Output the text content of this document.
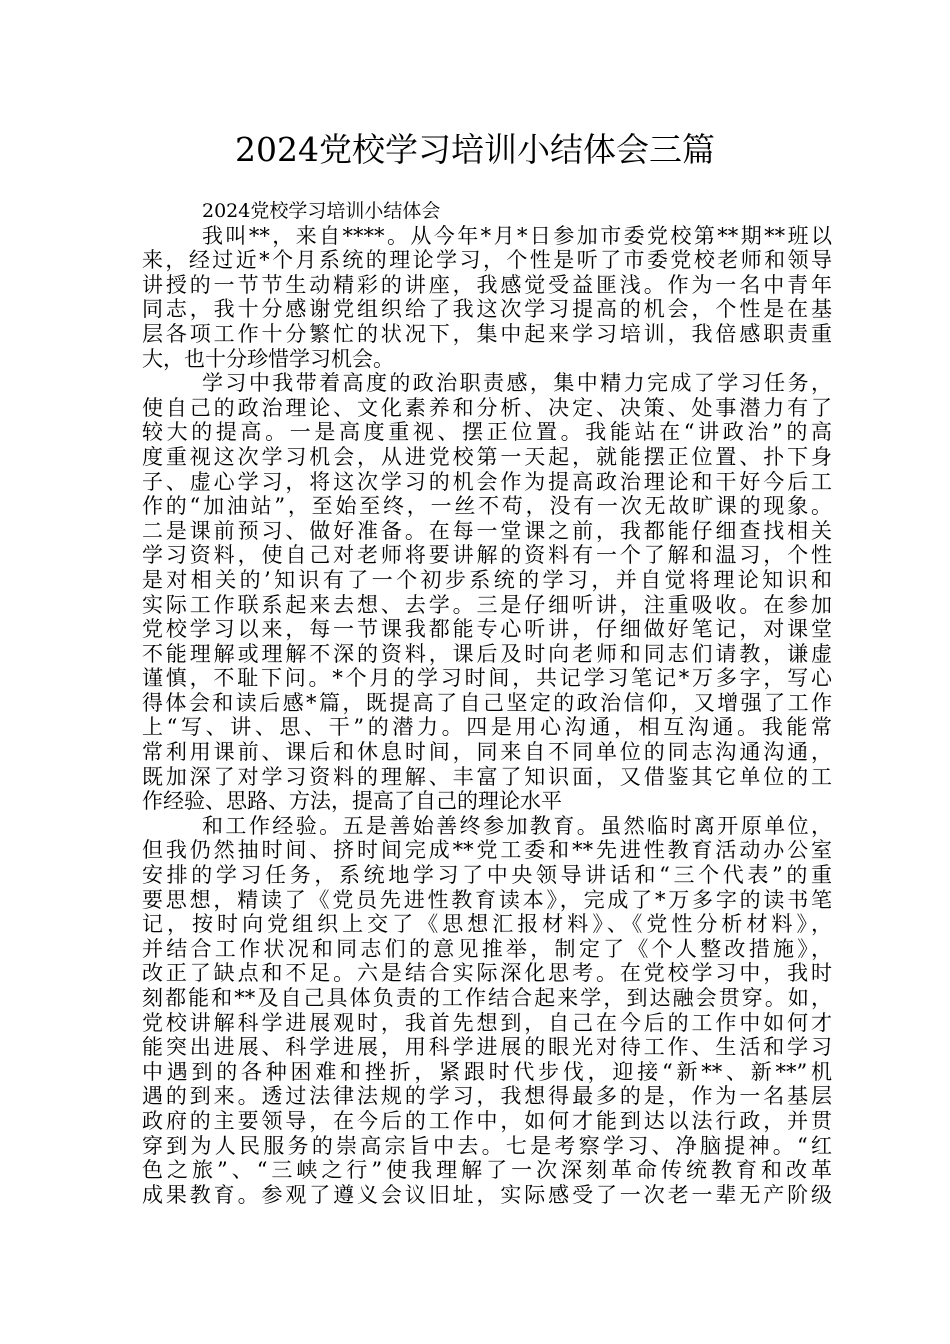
2024党校学习培训小结体会三篇
2024党校学习培训小结体会
我叫**，来自****。从今年*月*日参加市委党校第**期**班以
来，经过近*个月系统的理论学习，个性是听了市委党校老师和领导
讲授的一节节生动精彩的讲座，我感觉受益匪浅。作为一名中青年
同志，我十分感谢党组织给了我这次学习提高的机会，个性是在基
层各项工作十分繁忙的状况下，集中起来学习培训，我倍感职责重
大，也十分珍惜学习机会。
学习中我带着高度的政治职责感，集中精力完成了学习任务，
使自己的政治理论、文化素养和分析、决定、决策、处事潜力有了
较大的提高。一是高度重视、摆正位置。我能站在“讲政治”的高
度重视这次学习机会，从进党校第一天起，就能摆正位置、扑下身
子、虚心学习，将这次学习的机会作为提高政治理论和干好今后工
作的“加油站”，至始至终，一丝不苟，没有一次无故旷课的现象。
二是课前预习、做好准备。在每一堂课之前，我都能仔细查找相关
学习资料，使自己对老师将要讲解的资料有一个了解和温习，个性
是对相关的’知识有了一个初步系统的学习，并自觉将理论知识和
实际工作联系起来去想、去学。三是仔细听讲，注重吸收。在参加
党校学习以来，每一节课我都能专心听讲，仔细做好笔记，对课堂
不能理解或理解不深的资料，课后及时向老师和同志们请教，谦虚
谨慎，不耻下问。*个月的学习时间，共记学习笔记*万多字，写心
得体会和读后感*篇，既提高了自己坚定的政治信仰，又增强了工作
上“写、讲、思、干”的潜力。四是用心沟通，相互沟通。我能常
常利用课前、课后和休息时间，同来自不同单位的同志沟通沟通，
既加深了对学习资料的理解、丰富了知识面，又借鉴其它单位的工
作经验、思路、方法，提高了自己的理论水平
和工作经验。五是善始善终参加教育。虽然临时离开原单位，
但我仍然抽时间、挤时间完成**党工委和**先进性教育活动办公室
安排的学习任务，系统地学习了中央领导讲话和“三个代表”的重
要思想，精读了《党员先进性教育读本》，完成了*万多字的读书笔
记，按时向党组织上交了《思想汇报材料》、《党性分析材料》，
并结合工作状况和同志们的意见推举，制定了《个人整改措施》，
改正了缺点和不足。六是结合实际深化思考。在党校学习中，我时
刻都能和**及自己具体负责的工作结合起来学，到达融会贯穿。如，
党校讲解科学进展观时，我首先想到，自己在今后的工作中如何才
能突出进展、科学进展，用科学进展的眼光对待工作、生活和学习
中遇到的各种困难和挫折，紧跟时代步伐，迎接“新**、新**”机
遇的到来。透过法律法规的学习，我想得最多的是，作为一名基层
政府的主要领导，在今后的工作中，如何才能到达以法行政，并贯
穿到为人民服务的崇高宗旨中去。七是考察学习、净脑提神。“红
色之旅”、“三峡之行”使我理解了一次深刻革命传统教育和改革
成果教育。参观了遵义会议旧址，实际感受了一次老一辈无产阶级
